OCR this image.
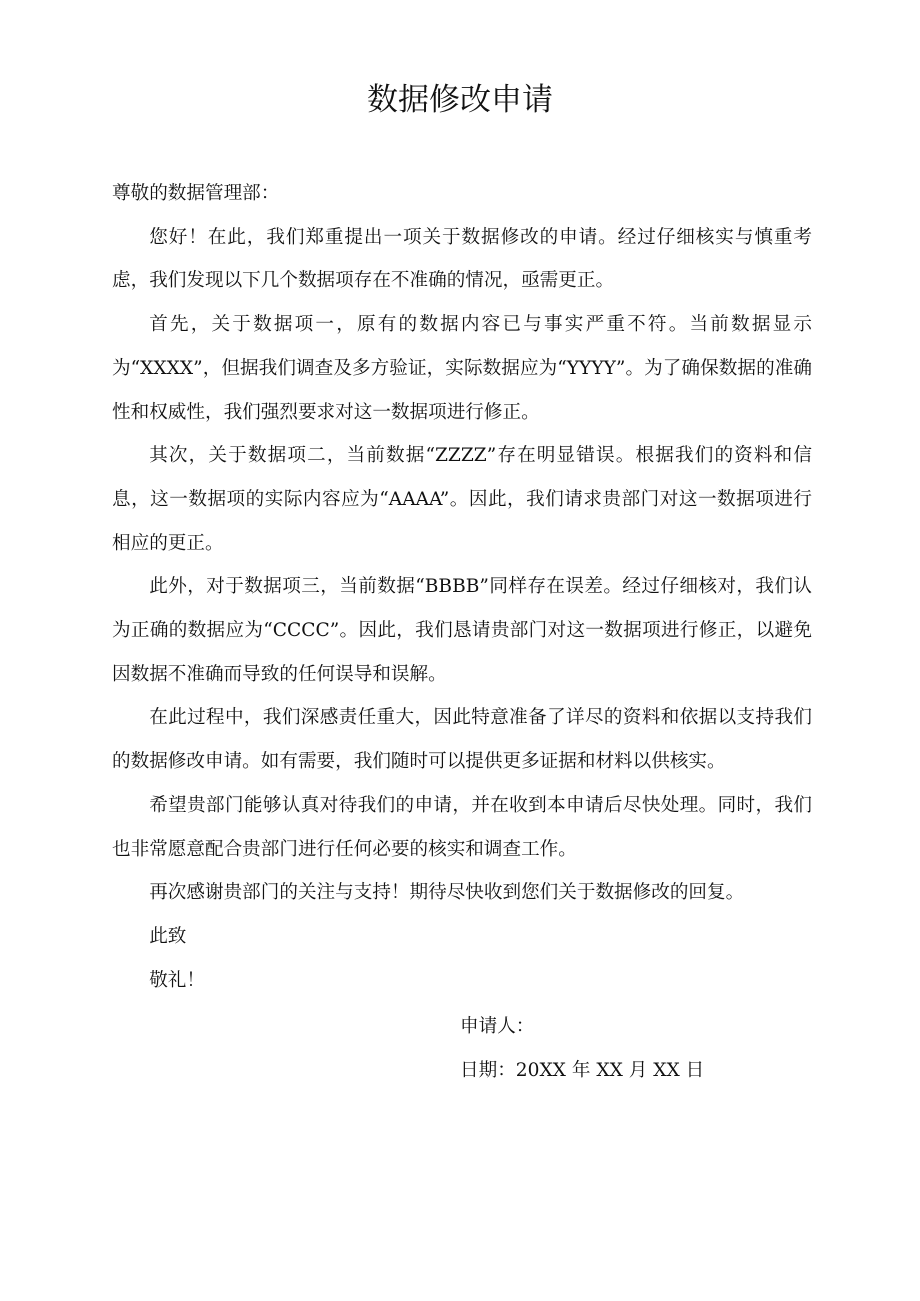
数据修改申请

尊敬的数据管理部：

您好！在此，我们郑重提出一项关于数据修改的申请。经过仔细核实与慎重考虑，我们发现以下几个数据项存在不准确的情况，亟需更正。

首先，关于数据项一，原有的数据内容已与事实严重不符。当前数据显示为“XXXX”，但据我们调查及多方验证，实际数据应为“YYYY”。为了确保数据的准确性和权威性，我们强烈要求对这一数据项进行修正。

其次，关于数据项二，当前数据“ZZZZ”存在明显错误。根据我们的资料和信息，这一数据项的实际内容应为“AAAA”。因此，我们请求贵部门对这一数据项进行相应的更正。

此外，对于数据项三，当前数据“BBBB”同样存在误差。经过仔细核对，我们认为正确的数据应为“CCCC”。因此，我们恳请贵部门对这一数据项进行修正，以避免因数据不准确而导致的任何误导和误解。

在此过程中，我们深感责任重大，因此特意准备了详尽的资料和依据以支持我们的数据修改申请。如有需要，我们随时可以提供更多证据和材料以供核实。

希望贵部门能够认真对待我们的申请，并在收到本申请后尽快处理。同时，我们也非常愿意配合贵部门进行任何必要的核实和调查工作。

再次感谢贵部门的关注与支持！期待尽快收到您们关于数据修改的回复。

此致

敬礼！

申请人：
日期：20XX 年 XX 月 XX 日
